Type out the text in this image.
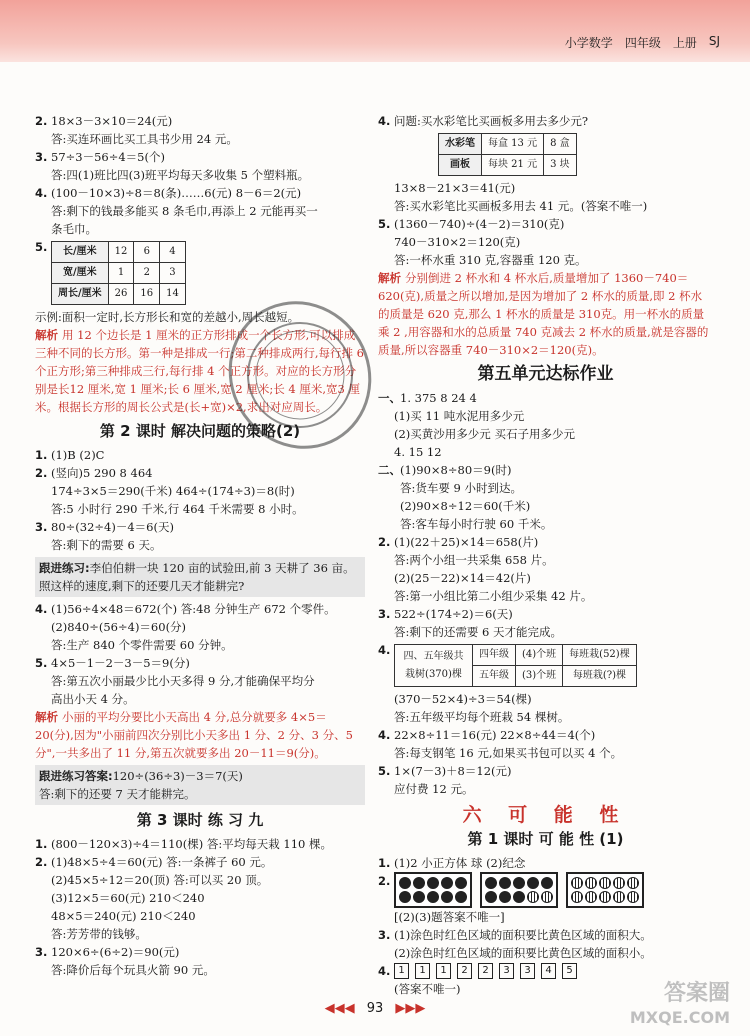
小学数学 四年级 上册 SJ
2. 18×3－3×10＝24(元)
答:买连环画比买工具书少用 24 元。
3. 57÷3－56÷4＝5(个)
答:四(1)班比四(3)班平均每天多收集 5 个塑料瓶。
4. (100－10×3)÷8＝8(条)……6(元) 8－6＝2(元)
答:剩下的钱最多能买 8 条毛巾,再添上 2 元能再买一
条毛巾。
5.	长/厘米	12	6	4
宽/厘米	1	2	3
周长/厘米	26	16	14
示例:面积一定时,长方形长和宽的差越小,周长越短。
解析 用 12 个边长是 1 厘米的正方形排成一个长方形,可以排成三种不同的长方形。第一种是排成一行;第二种排成两行,每行排 6 个正方形;第三种排成三行,每行排 4 个正方形。对应的长方形分别是长12 厘米,宽 1 厘米;长 6 厘米,宽 2 厘米;长 4 厘米,宽3 厘米。根据长方形的周长公式是(长+宽)×2,求出对应周长。
第 2 课时 解决问题的策略(2)
1. (1)B (2)C
2. (竖向)5 290 8 464
174÷3×5＝290(千米) 464÷(174÷3)＝8(时)
答:5 小时行 290 千米,行 464 千米需要 8 小时。
3. 80÷(32÷4)－4＝6(天)
答:剩下的需要 6 天。
跟进练习:李伯伯耕一块 120 亩的试验田,前 3 天耕了 36 亩。照这样的速度,剩下的还要几天才能耕完?
4. (1)56÷4×48＝672(个) 答:48 分钟生产 672 个零件。
(2)840÷(56÷4)＝60(分)
答:生产 840 个零件需要 60 分钟。
5. 4×5－1－2－3－5＝9(分)
答:第五次小丽最少比小天多得 9 分,才能确保平均分
高出小天 4 分。
解析 小丽的平均分要比小天高出 4 分,总分就要多 4×5＝20(分),因为"小丽前四次分别比小天多出 1 分、2 分、3 分、5 分",一共多出了 11 分,第五次就要多出 20－11＝9(分)。
跟进练习答案:120÷(36÷3)－3＝7(天)
答:剩下的还要 7 天才能耕完。
第 3 课时 练 习 九
1. (800－120×3)÷4＝110(棵) 答:平均每天栽 110 棵。
2. (1)48×5÷4＝60(元) 答:一条裤子 60 元。
(2)45×5÷12＝20(顶) 答:可以买 20 顶。
(3)12×5＝60(元) 210＜240
48×5＝240(元) 210＜240
答:芳芳带的钱够。
3. 120×6÷(6÷2)＝90(元)
答:降价后每个玩具火箭 90 元。
4. 问题:买水彩笔比买画板多用去多少元?
水彩笔	每盒 13 元	8 盒
画板	每块 21 元	3 块
13×8－21×3＝41(元)
答:买水彩笔比买画板多用去 41 元。(答案不唯一)
5. (1360－740)÷(4－2)＝310(克)
740－310×2＝120(克)
答:一杯水重 310 克,容器重 120 克。
解析 分别倒进 2 杯水和 4 杯水后,质量增加了 1360－740＝620(克),质量之所以增加,是因为增加了 2 杯水的质量,即 2 杯水的质量是 620 克,那么 1 杯水的质量是 310克。用一杯水的质量乘 2 ,用容器和水的总质量 740 克减去 2 杯水的质量,就是容器的质量,所以容器重 740－310×2＝120(克)。
第五单元达标作业
一、 1. 375 8 24 4
(1)买 11 吨水泥用多少元
(2)买黄沙用多少元 买石子用多少元
4. 15 12
二、 (1)90×8÷80＝9(时)
答:货车要 9 小时到达。
(2)90×8÷12＝60(千米)
答:客车每小时行驶 60 千米。
2. (1)(22＋25)×14＝658(片)
答:两个小组一共采集 658 片。
(2)(25－22)×14＝42(片)
答:第一小组比第二小组少采集 42 片。
3. 522÷(174÷2)＝6(天)
答:剩下的还需要 6 天才能完成。
4.	四、五年级共栽树(370)棵	四年级	(4)个班	每班栽(52)棵
	五年级	(3)个班	每班栽(?)棵
(370－52×4)÷3＝54(棵)
答:五年级平均每个班栽 54 棵树。
4. 22×8÷11＝16(元) 22×8÷44＝4(个)
答:每支钢笔 16 元,如果买书包可以买 4 个。
5. 1×(7－3)＋8＝12(元)
应付费 12 元。
六 可 能 性
第 1 课时 可 能 性 (1)
1. (1)2 小正方体 球 (2)纪念
2.
[(2)(3)题答案不唯一]
3. (1)涂色时红色区域的面积要比黄色区域的面积大。
(2)涂色时红色区域的面积要比黄色区域的面积小。
4. 1	1	1	2	2	3	3	4	5
(答案不唯一)
◀◀◀ 93 ▶▶▶
答案圈
MXQE.COM
